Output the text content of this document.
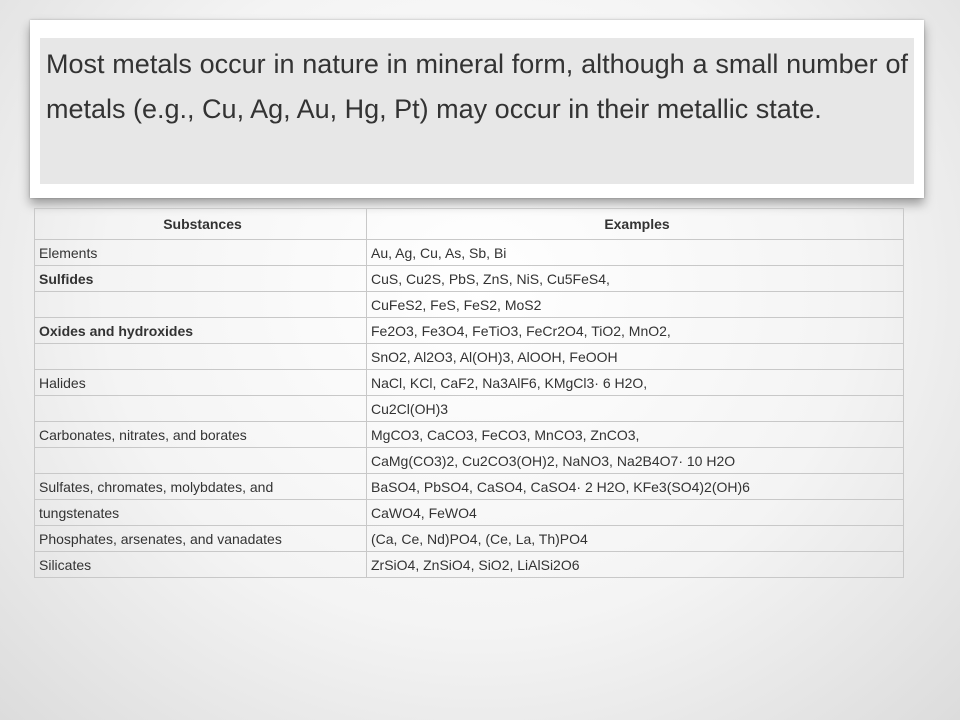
Most metals occur in nature in mineral form, although a small number of metals (e.g., Cu, Ag, Au, Hg, Pt) may occur in their metallic state.
Substances	Examples
Elements	Au, Ag, Cu, As, Sb, Bi
Sulfides	CuS, Cu2S, PbS, ZnS, NiS, Cu5FeS4,
	CuFeS2, FeS, FeS2, MoS2
Oxides and hydroxides	Fe2O3, Fe3O4, FeTiO3, FeCr2O4, TiO2, MnO2,
	SnO2, Al2O3, Al(OH)3, AlOOH, FeOOH
Halides	NaCl, KCl, CaF2, Na3AlF6, KMgCl3· 6 H2O,
	Cu2Cl(OH)3
Carbonates, nitrates, and borates	MgCO3, CaCO3, FeCO3, MnCO3, ZnCO3,
	CaMg(CO3)2, Cu2CO3(OH)2, NaNO3, Na2B4O7· 10 H2O
Sulfates, chromates, molybdates, and	BaSO4, PbSO4, CaSO4, CaSO4· 2 H2O, KFe3(SO4)2(OH)6
tungstenates	CaWO4, FeWO4
Phosphates, arsenates, and vanadates	(Ca, Ce, Nd)PO4, (Ce, La, Th)PO4
Silicates	ZrSiO4, ZnSiO4, SiO2, LiAlSi2O6
